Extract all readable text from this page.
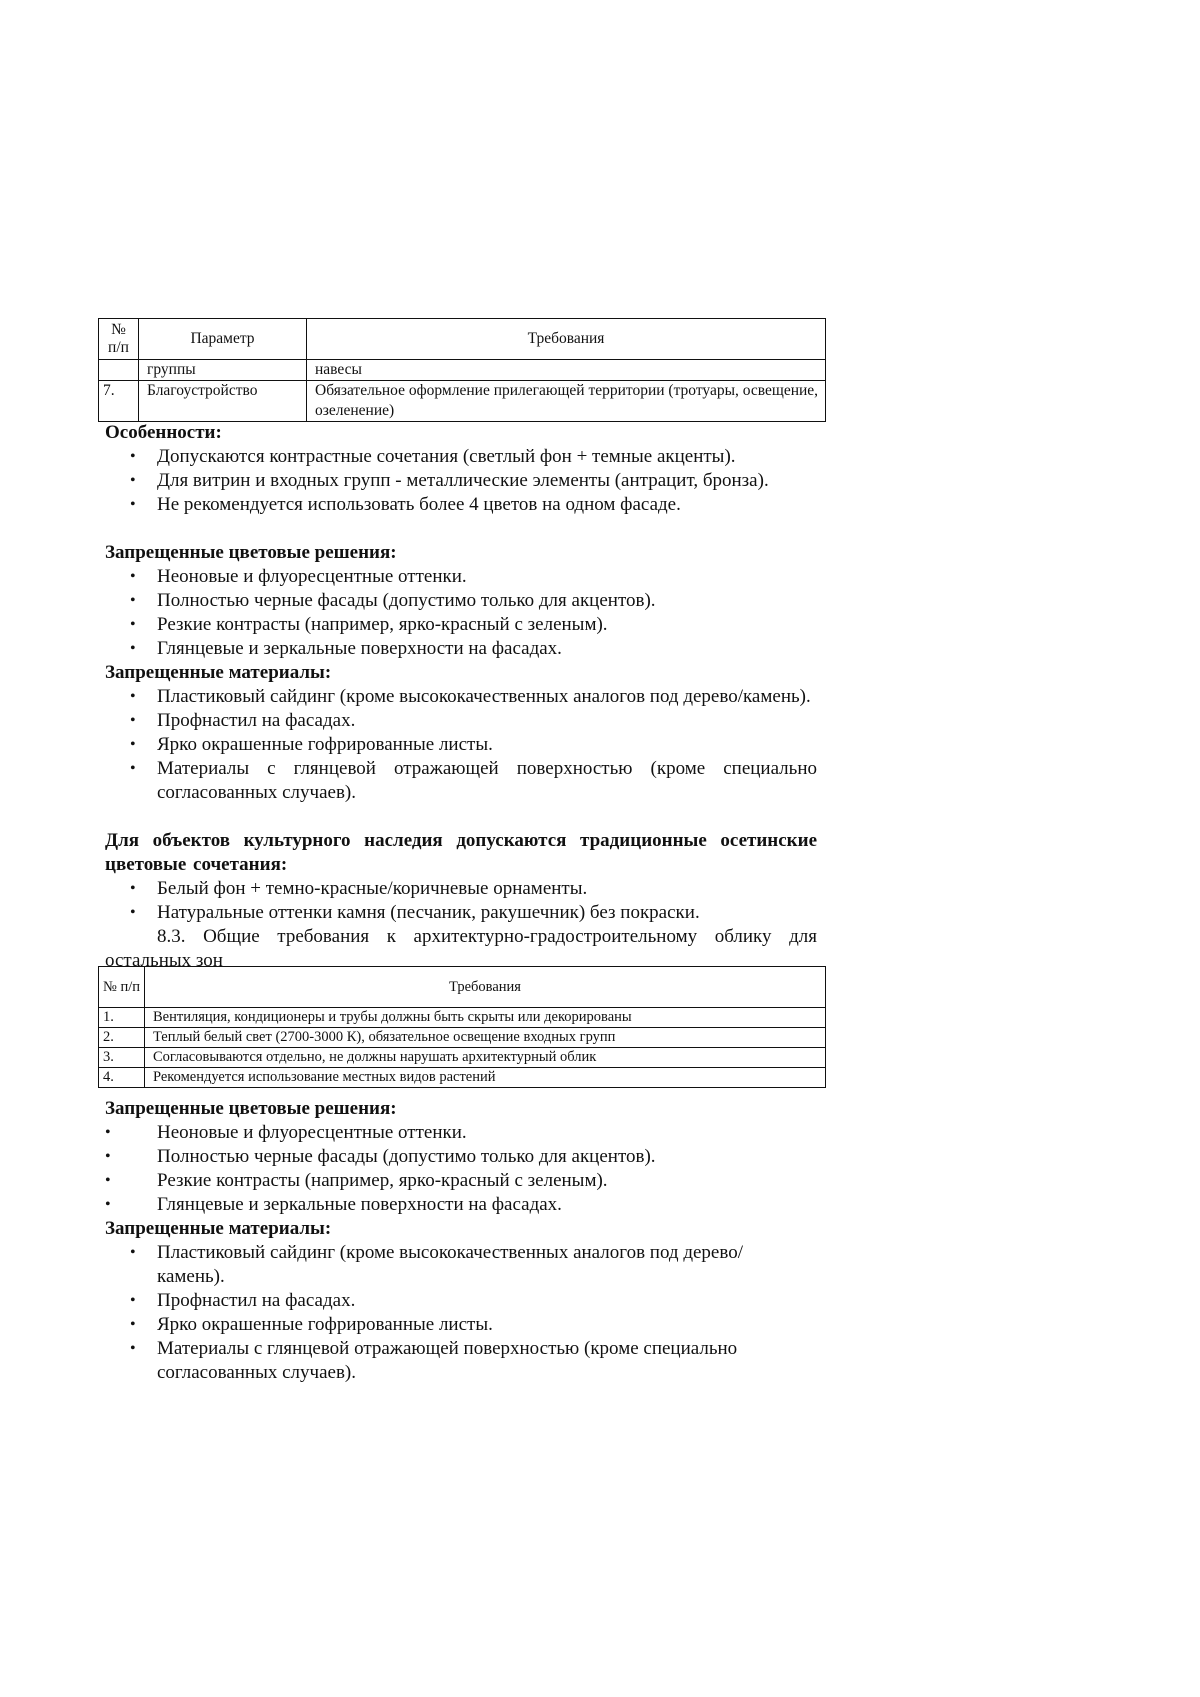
№ п/п	Параметр	Требования
	группы	навесы
7.	Благоустройство	Обязательное оформление прилегающей территории (тротуары, освещение, озеленение)
Особенности:
• Допускаются контрастные сочетания (светлый фон + темные акценты).
• Для витрин и входных групп - металлические элементы (антрацит, бронза).
• Не рекомендуется использовать более 4 цветов на одном фасаде.
Запрещенные цветовые решения:
• Неоновые и флуоресцентные оттенки.
• Полностью черные фасады (допустимо только для акцентов).
• Резкие контрасты (например, ярко-красный с зеленым).
• Глянцевые и зеркальные поверхности на фасадах.
Запрещенные материалы:
• Пластиковый сайдинг (кроме высококачественных аналогов под дерево/камень).
• Профнастил на фасадах.
• Ярко окрашенные гофрированные листы.
• Материалы с глянцевой отражающей поверхностью (кроме специально согласованных случаев).
Для объектов культурного наследия допускаются традиционные осетинские цветовые сочетания:
• Белый фон + темно-красные/коричневые орнаменты.
• Натуральные оттенки камня (песчаник, ракушечник) без покраски.
8.3. Общие требования к архитектурно-градостроительному облику для остальных зон
№ п/п	Требования
1.	Вентиляция, кондиционеры и трубы должны быть скрыты или декорированы
2.	Теплый белый свет (2700-3000 К), обязательное освещение входных групп
3.	Согласовываются отдельно, не должны нарушать архитектурный облик
4.	Рекомендуется использование местных видов растений
Запрещенные цветовые решения:
• Неоновые и флуоресцентные оттенки.
• Полностью черные фасады (допустимо только для акцентов).
• Резкие контрасты (например, ярко-красный с зеленым).
• Глянцевые и зеркальные поверхности на фасадах.
Запрещенные материалы:
• Пластиковый сайдинг (кроме высококачественных аналогов под дерево/камень).
• Профнастил на фасадах.
• Ярко окрашенные гофрированные листы.
• Материалы с глянцевой отражающей поверхностью (кроме специально согласованных случаев).
